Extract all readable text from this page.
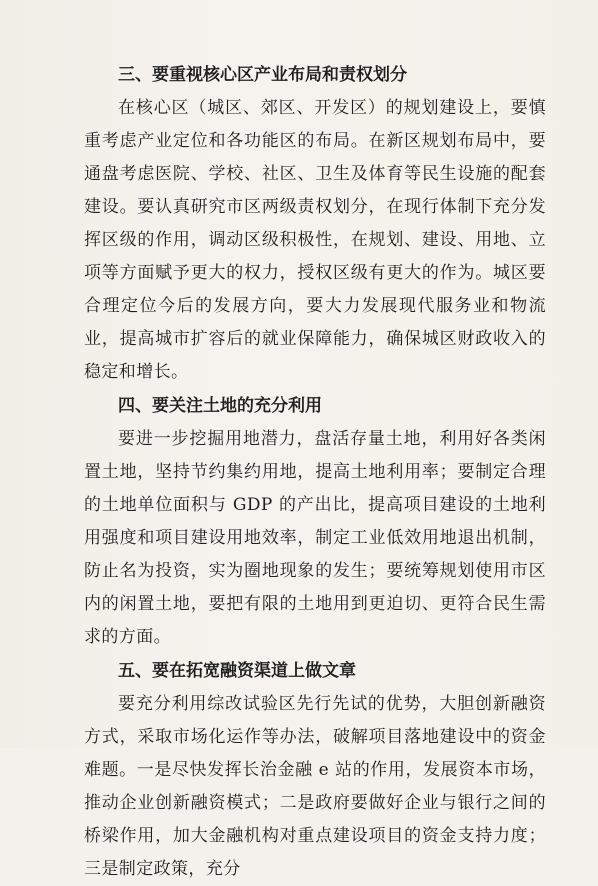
三、要重视核心区产业布局和责权划分

在核心区（城区、郊区、开发区）的规划建设上，要慎重考虑产业定位和各功能区的布局。在新区规划布局中，要通盘考虑医院、学校、社区、卫生及体育等民生设施的配套建设。要认真研究市区两级责权划分，在现行体制下充分发挥区级的作用，调动区级积极性，在规划、建设、用地、立项等方面赋予更大的权力，授权区级有更大的作为。城区要合理定位今后的发展方向，要大力发展现代服务业和物流业，提高城市扩容后的就业保障能力，确保城区财政收入的稳定和增长。

四、要关注土地的充分利用

要进一步挖掘用地潜力，盘活存量土地，利用好各类闲置土地，坚持节约集约用地，提高土地利用率；要制定合理的土地单位面积与 GDP 的产出比，提高项目建设的土地利用强度和项目建设用地效率，制定工业低效用地退出机制，防止名为投资，实为圈地现象的发生；要统筹规划使用市区内的闲置土地，要把有限的土地用到更迫切、更符合民生需求的方面。

五、要在拓宽融资渠道上做文章

要充分利用综改试验区先行先试的优势，大胆创新融资方式，采取市场化运作等办法，破解项目落地建设中的资金难题。一是尽快发挥长治金融 e 站的作用，发展资本市场，推动企业创新融资模式；二是政府要做好企业与银行之间的桥梁作用，加大金融机构对重点建设项目的资金支持力度；三是制定政策，充分
